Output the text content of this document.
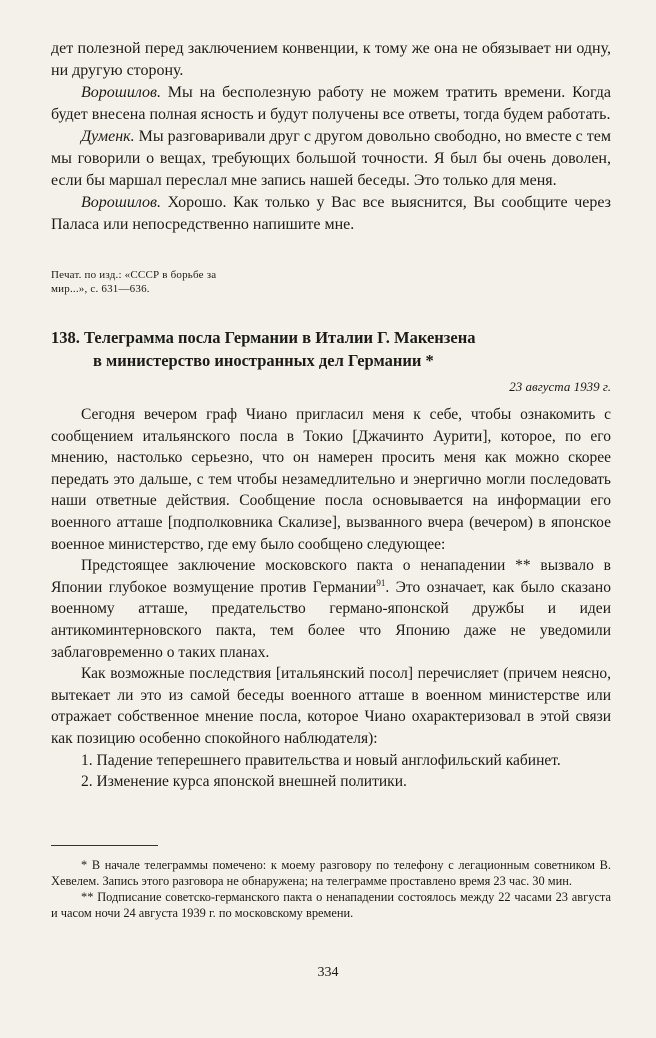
дет полезной перед заключением конвенции, к тому же она не обязывает ни одну, ни другую сторону.
Ворошилов. Мы на бесполезную работу не можем тратить времени. Когда будет внесена полная ясность и будут получены все ответы, тогда будем работать.
Думенк. Мы разговаривали друг с другом довольно свободно, но вместе с тем мы говорили о вещах, требующих большой точности. Я был бы очень доволен, если бы маршал переслал мне запись нашей беседы. Это только для меня.
Ворошилов. Хорошо. Как только у Вас все выяснится, Вы сообщите через Паласа или непосредственно напишите мне.
Печат. по изд.: «СССР в борьбе за
мир...», с. 631—636.
138. Телеграмма посла Германии в Италии Г. Макензена
в министерство иностранных дел Германии *
23 августа 1939 г.

Сегодня вечером граф Чиано пригласил меня к себе, чтобы ознакомить с сообщением итальянского посла в Токио [Джачинто Аурити], которое, по его мнению, настолько серьезно, что он намерен просить меня как можно скорее передать это дальше, с тем чтобы незамедлительно и энергично могли последовать наши ответные действия. Сообщение посла основывается на информации его военного атташе [подполковника Скализе], вызванного вчера (вечером) в японское военное министерство, где ему было сообщено следующее:

Предстоящее заключение московского пакта о ненападении ** вызвало в Японии глубокое возмущение против Германии$^{91}$. Это означает, как было сказано военному атташе, предательство германо-японской дружбы и идеи антикоминтерновского пакта, тем более что Японию даже не уведомили заблаговременно о таких планах.

Как возможные последствия [итальянский посол] перечисляет (причем неясно, вытекает ли это из самой беседы военного атташе в военном министерстве или отражает собственное мнение посла, которое Чиано охарактеризовал в этой связи как позицию особенно спокойного наблюдателя):

1. Падение теперешнего правительства и новый англофильский кабинет.

2. Изменение курса японской внешней политики.

* В начале телеграммы помечено: к моему разговору по телефону с легационным советником В. Хевелем. Запись этого разговора не обнаружена; на телеграмме проставлено время 23 час. 30 мин.

** Подписание советско-германского пакта о ненападении состоялось между 22 часами 23 августа и часом ночи 24 августа 1939 г. по московскому времени.

334
